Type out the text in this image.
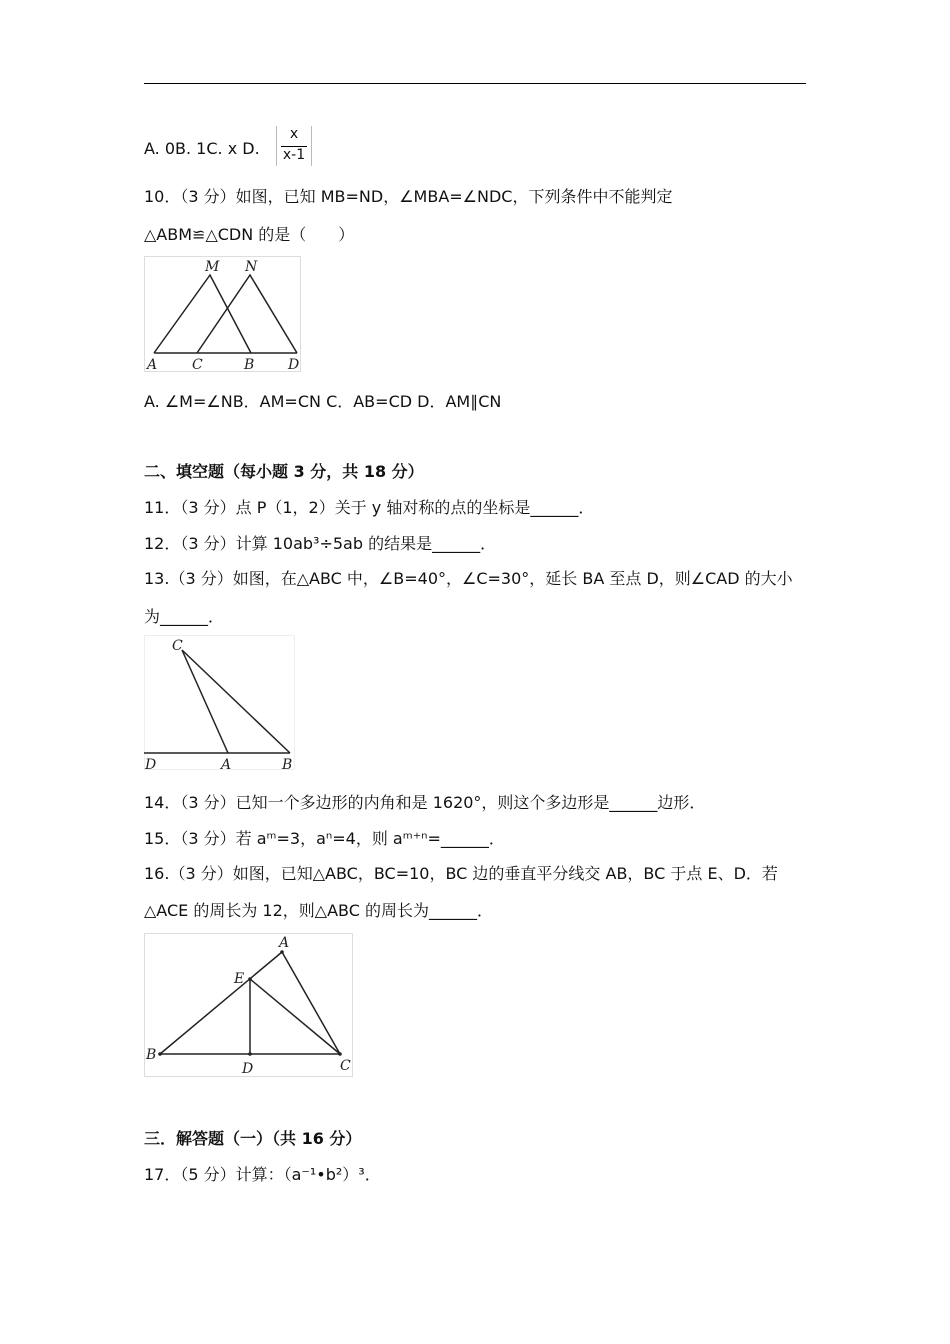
A. 0B. 1C. x D.
x
x-1
10．（3 分）如图，已知 MB=ND，∠MBA=∠NDC，下列条件中不能判定
△ABM≌△CDN 的是（　　）
M N
A C	B D
A. ∠M=∠NB．AM=CN C．AB=CD D．AM∥CN
二、填空题（每小题 3 分，共 18 分）
11．（3 分）点 P（1，2）关于 y 轴对称的点的坐标是______．
12．（3 分）计算 10ab³÷5ab 的结果是______．
13.（3 分）如图，在△ABC 中，∠B=40°，∠C=30°，延长 BA 至点 D，则∠CAD 的大小
为______．
C
D	A	B
14．（3 分）已知一个多边形的内角和是 1620°，则这个多边形是______边形．
15．（3 分）若 aᵐ=3，aⁿ=4，则 aᵐ⁺ⁿ=______．
16.（3 分）如图，已知△ABC，BC=10，BC 边的垂直平分线交 AB，BC 于点 E、D．若
△ACE 的周长为 12，则△ABC 的周长为______．
A
E
B
D	C
三．解答题（一）（共 16 分）
17．（5 分）计算：（a⁻¹•b²）³．
